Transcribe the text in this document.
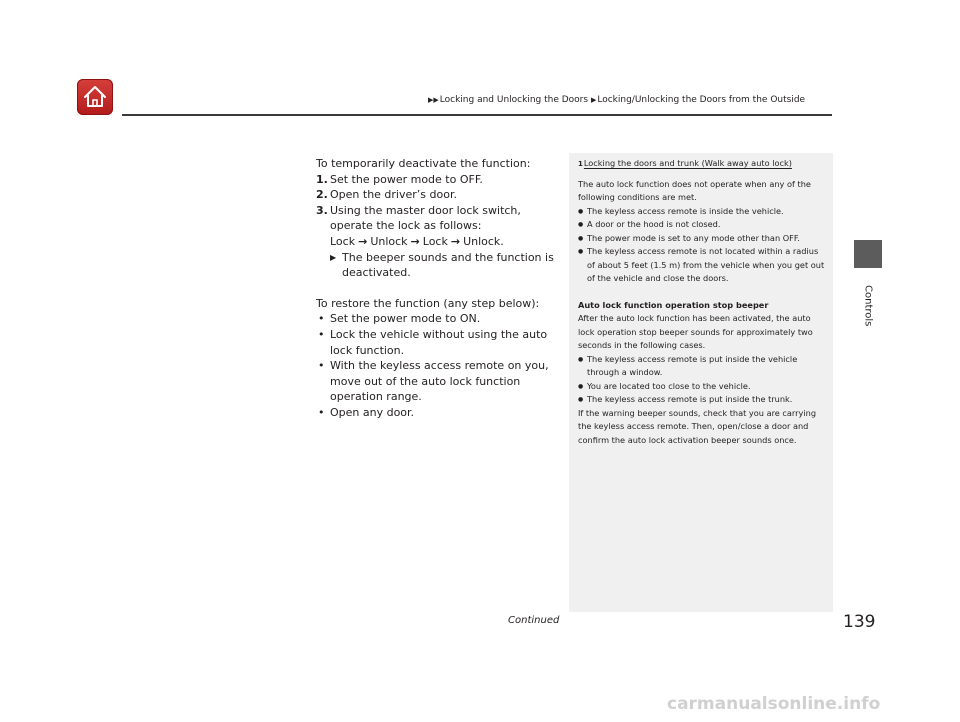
▶▶Locking and Unlocking the Doors ▶Locking/Unlocking the Doors from the Outside

To temporarily deactivate the function:

1. Set the power mode to OFF.

2. Open the driver’s door.

3. Using the master door lock switch, operate the lock as follows:

Lock → Unlock → Lock → Unlock.

▶ The beeper sounds and the function is deactivated.

To restore the function (any step below):

• Set the power mode to ON.

• Lock the vehicle without using the auto lock function.

• With the keyless access remote on you, move out of the auto lock function operation range.

• Open any door.

1Locking the doors and trunk (Walk away auto lock)

The auto lock function does not operate when any of the following conditions are met.

● The keyless access remote is inside the vehicle.

● A door or the hood is not closed.

● The power mode is set to any mode other than OFF.

● The keyless access remote is not located within a radius of about 5 feet (1.5 m) from the vehicle when you get out of the vehicle and close the doors.

Auto lock function operation stop beeper

After the auto lock function has been activated, the auto lock operation stop beeper sounds for approximately two seconds in the following cases.

● The keyless access remote is put inside the vehicle through a window.

● You are located too close to the vehicle.

● The keyless access remote is put inside the trunk.

If the warning beeper sounds, check that you are carrying the keyless access remote. Then, open/close a door and confirm the auto lock activation beeper sounds once.

Controls
Continued	139
carmanualsonline.info
